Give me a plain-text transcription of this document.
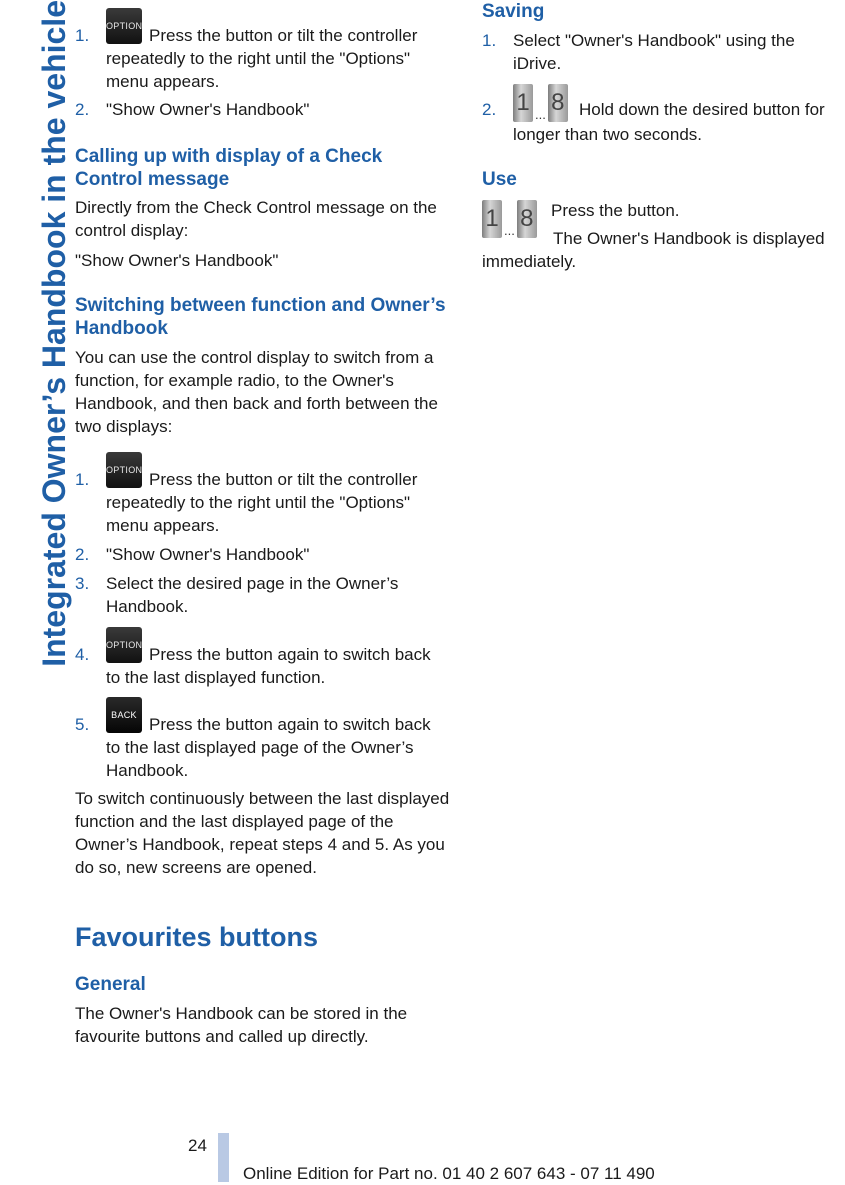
Integrated Owner’s Handbook in the vehicle 1. OPTION Press the button or tilt the controller
repeatedly to the right until the "Options" menu appears.
2. "Show Owner's Handbook"
Calling up with display of a Check Control message
Directly from the Check Control message on the control display:
"Show Owner's Handbook"
Switching between function and Owner’s Handbook
You can use the control display to switch from a function, for example radio, to the Owner's Handbook, and then back and forth between the two displays:
1. OPTION Press the button or tilt the controller
repeatedly to the right until the "Options" menu appears.
2. "Show Owner's Handbook"
3. Select the desired page in the Owner’s Handbook.
4. OPTION Press the button again to switch back
to the last displayed function.
5.	BACK Press the button again to switch back
to the last displayed page of the Owner’s Handbook.
To switch continuously between the last displayed function and the last displayed page of the Owner’s Handbook, repeat steps 4 and 5. As you do so, new screens are opened.
Favourites buttons
General
The Owner's Handbook can be stored in the favourite buttons and called up directly.
Saving
1. Select "Owner's Handbook" using the iDrive.
2. 1 ... 8 Hold down the desired button for
longer than two seconds.
Use
1 ... 8 Press the button.
The Owner's Handbook is displayed
immediately.
24
Online Edition for Part no. 01 40 2 607 643 - 07 11 490
